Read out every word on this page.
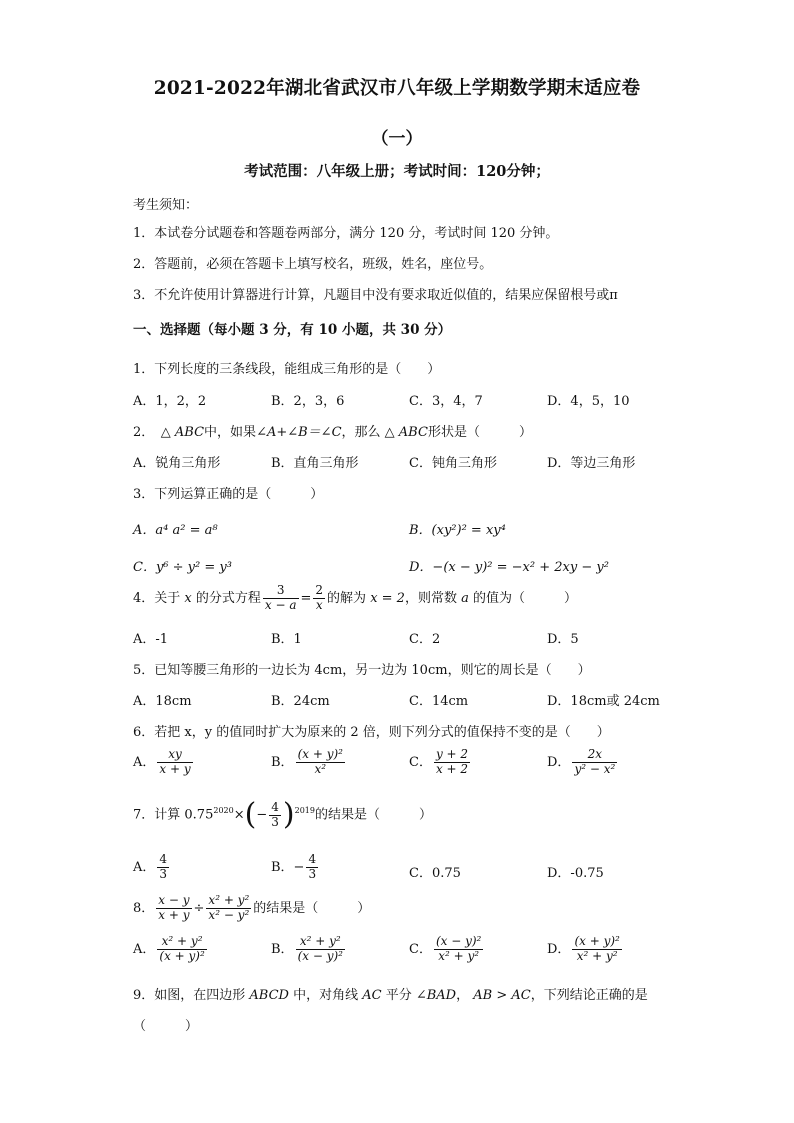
2021-2022年湖北省武汉市八年级上学期数学期末适应卷
（一）
考试范围：八年级上册；考试时间：120分钟；
考生须知：
1．本试卷分试题卷和答题卷两部分，满分 120 分，考试时间 120 分钟。
2．答题前，必须在答题卡上填写校名，班级，姓名，座位号。
3．不允许使用计算器进行计算，凡题目中没有要求取近似值的，结果应保留根号或π
一、选择题（每小题 3 分，有 10 小题，共 30 分）
1．下列长度的三条线段，能组成三角形的是（　　）
A．1，2，2	B．2，3，6	C．3，4，7	D．4，5，10
2．　△ ABC中，如果∠A+∠B＝∠C，那么 △ ABC形状是（　　　）
A．锐角三角形	B．直角三角形	C．钝角三角形	D．等边三角形
3．下列运算正确的是（　　　）
A．a⁴ a² = a⁸	B．(xy²)² = xy⁴
C．y⁶ ÷ y² = y³	D．−(x − y)² = −x² + 2xy − y²
4．关于 x 的分式方程 $\frac{3}{x - a} = \frac{2}{x}$ 的解为 x = 2，则常数 a 的值为（　　　）
A．-1	B．1	C．2	D．5
5．已知等腰三角形的一边长为 4cm，另一边为 10cm，则它的周长是（　　）
A．18cm	B．24cm	C．14cm	D．18cm或 24cm
6．若把 x，y 的值同时扩大为原来的 2 倍，则下列分式的值保持不变的是（　　）
A． $\frac{xy}{x + y}$	B． $\frac{\text{(x + y)²}}{\text{x²}}$	C． $\frac{y + 2}{x + 2}$	D． $\frac{2x}{\text{y² − x²}}$
7．计算 $0.75^{2020}\times(- \frac{4}{3} )^{2019}$的结果是（　　　）
A． $\frac{4}{3}$	B．− $\frac{4}{3}$	C．0.75	D．-0.75
8． $\frac{x - y}{x + y} \div \frac{\text{x² + y²}}{\text{x² − y²}}$ 的结果是（　　　）
A． $\frac{\text{x² + y²}}{\text{(x + y)²}}$	B． $\frac{\text{x² + y²}}{\text{(x − y)²}}$	C． $\frac{\text{(x − y)²}}{\text{x² + y²}}$	D． $\frac{\text{(x + y)²}}{\text{x² + y²}}$
9．如图，在四边形 ABCD 中，对角线 AC 平分 ∠BAD， AB > AC，下列结论正确的是
（　　　）
